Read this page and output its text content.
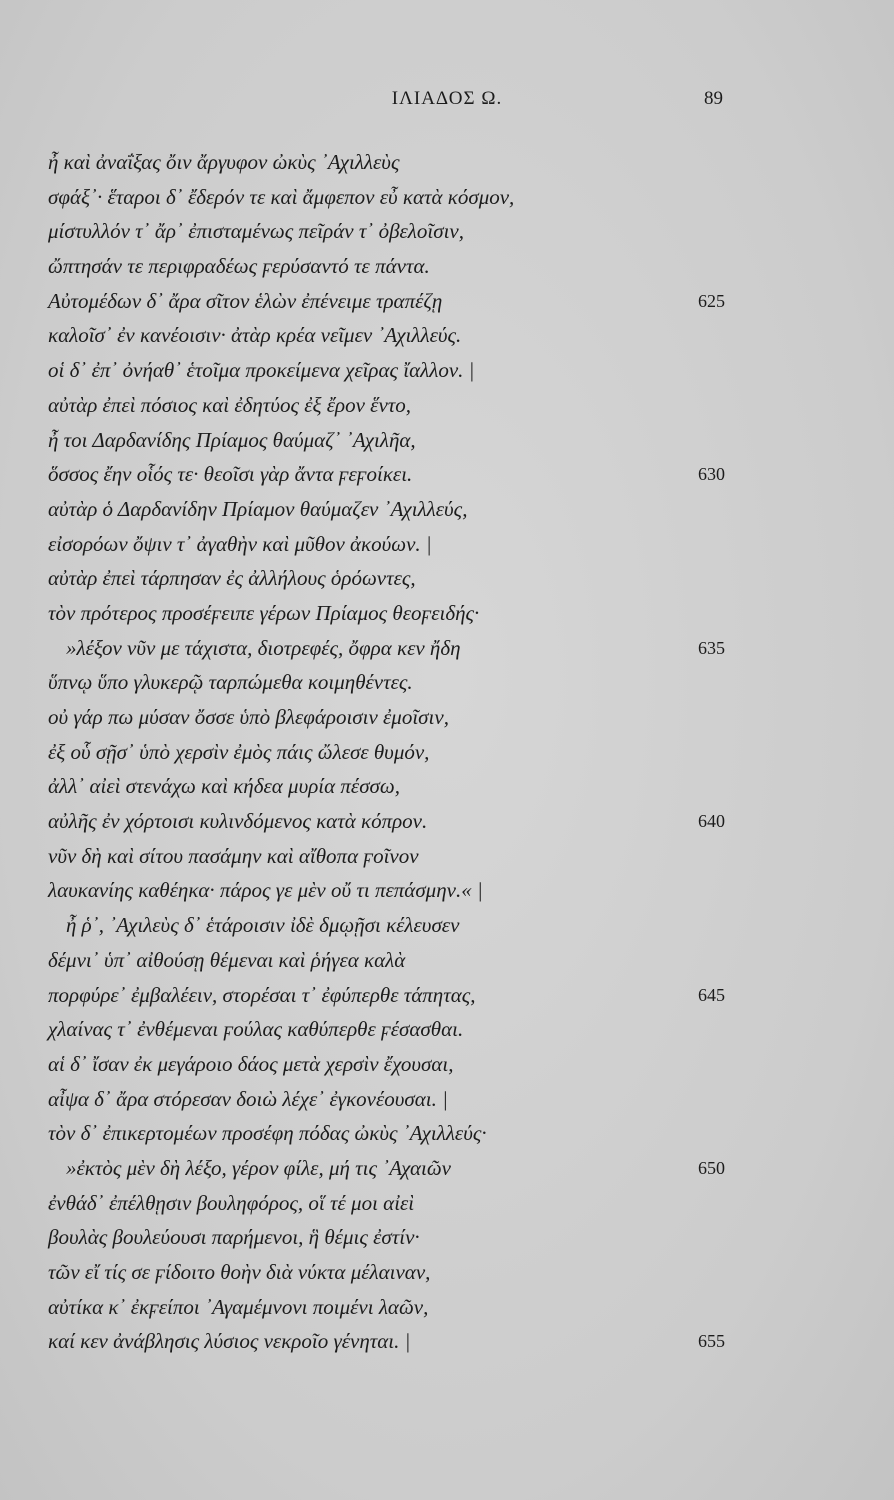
ΙΛΙΑΔΟΣ Ω.	89
ἦ καὶ ἀναΐξας ὄιν ἄργυφον ὠκὺς ᾿Αχιλλεὺς
σφάξ᾿· ἕταροι δ᾿ ἔδερόν τε καὶ ἄμφεπον εὖ κατὰ κόσμον,
μίστυλλόν τ᾿ ἄρ᾿ ἐπισταμένως πεῖράν τ᾿ ὀβελοῖσιν,
ὤπτησάν τε περιφραδέως ϝερύσαντό τε πάντα.
Αὐτομέδων δ᾿ ἄρα σῖτον ἑλὼν ἐπένειμε τραπέζῃ	625
καλοῖσ᾿ ἐν κανέοισιν· ἀτὰρ κρέα νεῖμεν ᾿Αχιλλεύς.
οἱ δ᾿ ἐπ᾿ ὀνήαθ᾿ ἑτοῖμα προκείμενα χεῖρας ἴαλλον. |
αὐτὰρ ἐπεὶ πόσιος καὶ ἐδητύος ἐξ ἔρον ἕντο,
ἦ τοι Δαρδανίδης Πρίαμος θαύμαζ᾿ ᾿Αχιλῆα,
ὅσσος ἔην οἷός τε· θεοῖσι γὰρ ἄντα ϝεϝοίκει.	630
αὐτὰρ ὁ Δαρδανίδην Πρίαμον θαύμαζεν ᾿Αχιλλεύς,
εἰσορόων ὄψιν τ᾿ ἀγαθὴν καὶ μῦθον ἀκούων. |
αὐτὰρ ἐπεὶ τάρπησαν ἐς ἀλλήλους ὁρόωντες,
τὸν πρότερος προσέϝειπε γέρων Πρίαμος θεοϝειδής·
»λέξον νῦν με τάχιστα, διοτρεφές, ὄφρα κεν ἤδη	635
ὕπνῳ ὕπο γλυκερῷ ταρπώμεθα κοιμηθέντες.
οὐ γάρ πω μύσαν ὄσσε ὑπὸ βλεφάροισιν ἐμοῖσιν,
ἐξ οὗ σῇσ᾿ ὑπὸ χερσὶν ἐμὸς πάις ὤλεσε θυμόν,
ἀλλ᾿ αἰεὶ στενάχω καὶ κήδεα μυρία πέσσω,
αὐλῆς ἐν χόρτοισι κυλινδόμενος κατὰ κόπρον.	640
νῦν δὴ καὶ σίτου πασάμην καὶ αἴθοπα ϝοῖνον
λαυκανίης καθέηκα· πάρος γε μὲν οὔ τι πεπάσμην.« |
ἦ ῥ᾿, ᾿Αχιλεὺς δ᾿ ἑτάροισιν ἰδὲ δμῳῇσι κέλευσεν
δέμνι᾿ ὑπ᾿ αἰθούσῃ θέμεναι καὶ ῥήγεα καλὰ
πορφύρε᾿ ἐμβαλέειν, στορέσαι τ᾿ ἐφύπερθε τάπητας,	645
χλαίνας τ᾿ ἐνθέμεναι ϝούλας καθύπερθε ϝέσασθαι.
αἱ δ᾿ ἴσαν ἐκ μεγάροιο δάος μετὰ χερσὶν ἔχουσαι,
αἶψα δ᾿ ἄρα στόρεσαν δοιὼ λέχε᾿ ἐγκονέουσαι. |
τὸν δ᾿ ἐπικερτομέων προσέφη πόδας ὠκὺς ᾿Αχιλλεύς·
»ἐκτὸς μὲν δὴ λέξο, γέρον φίλε, μή τις ᾿Αχαιῶν	650
ἐνθάδ᾿ ἐπέλθῃσιν βουληφόρος, οἵ τέ μοι αἰεὶ
βουλὰς βουλεύουσι παρήμενοι, ἣ θέμις ἐστίν·
τῶν εἴ τίς σε ϝίδοιτο θοὴν διὰ νύκτα μέλαιναν,
αὐτίκα κ᾿ ἐκϝείποι ᾿Αγαμέμνονι ποιμένι λαῶν,
καί κεν ἀνάβλησις λύσιος νεκροῖο γένηται. |	655
